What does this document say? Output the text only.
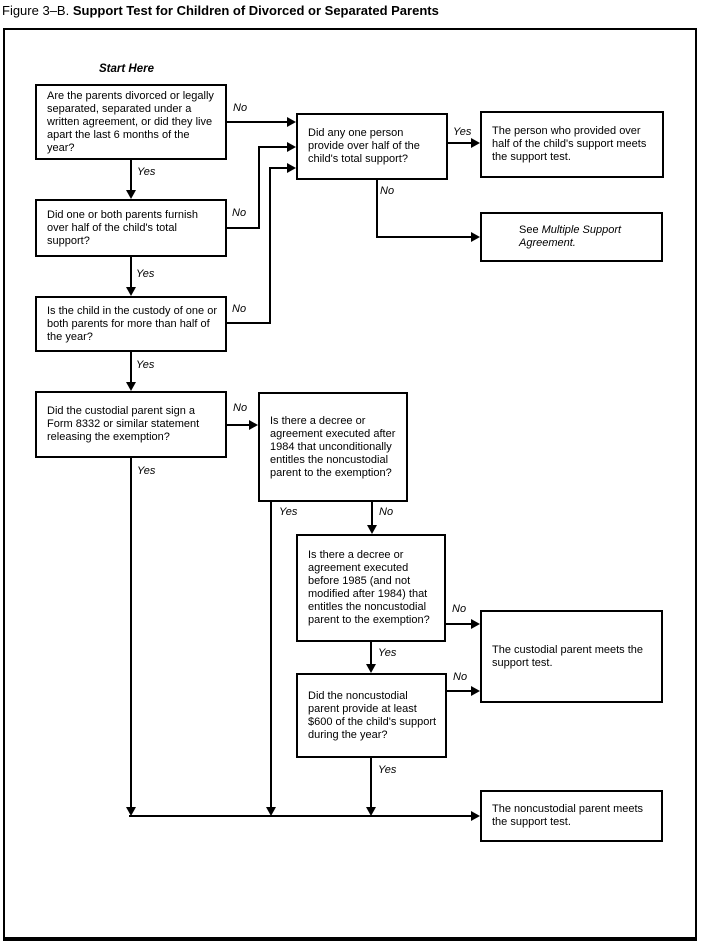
Figure 3–B. Support Test for Children of Divorced or Separated Parents
Start Here
Are the parents divorced or legally separated, separated under a written agreement, or did they live apart the last 6 months of the year?
Did one or both parents furnish over half of the child's total support?
Is the child in the custody of one or both parents for more than half of the year?
Did the custodial parent sign a Form 8332 or similar statement releasing the exemption?
Did any one person provide over half of the child's total support?
Is there a decree or agreement executed after 1984 that unconditionally entitles the noncustodial parent to the exemption?
Is there a decree or agreement executed before 1985 (and not modified after 1984) that entitles the noncustodial parent to the exemption?
Did the noncustodial parent provide at least $600 of the child's support during the year?
The person who provided over half of the child's support meets the support test.
See Multiple Support Agreement.
The custodial parent meets the support test.
The noncustodial parent meets the support test.
No
Yes
No
Yes
No
Yes
No
Yes
Yes
No
Yes	No
No
Yes
No
Yes
